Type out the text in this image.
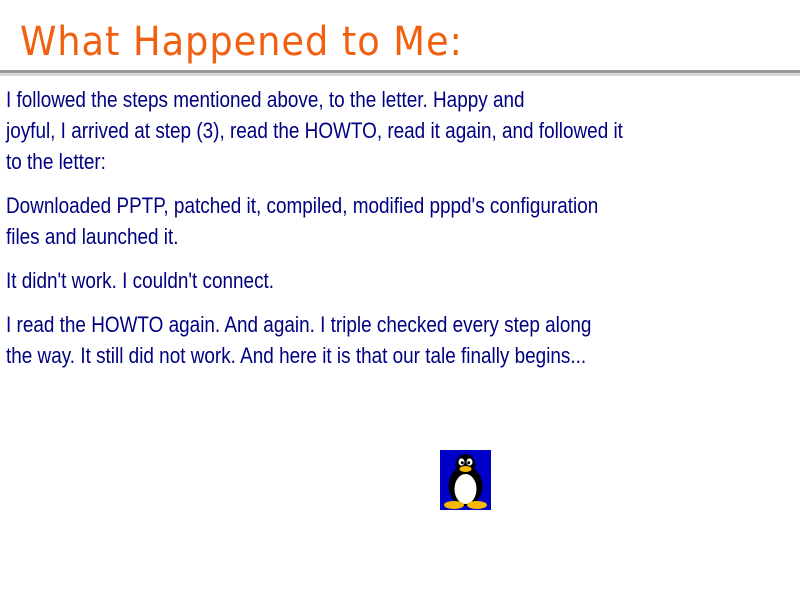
What Happened to Me:

I followed the steps mentioned above, to the letter. Happy and
joyful, I arrived at step (3), read the HOWTO, read it again, and followed it
to the letter:

Downloaded PPTP, patched it, compiled, modified pppd's configuration
files and launched it.

It didn't work. I couldn't connect.

I read the HOWTO again. And again. I triple checked every step along
the way. It still did not work. And here it is that our tale finally begins...
